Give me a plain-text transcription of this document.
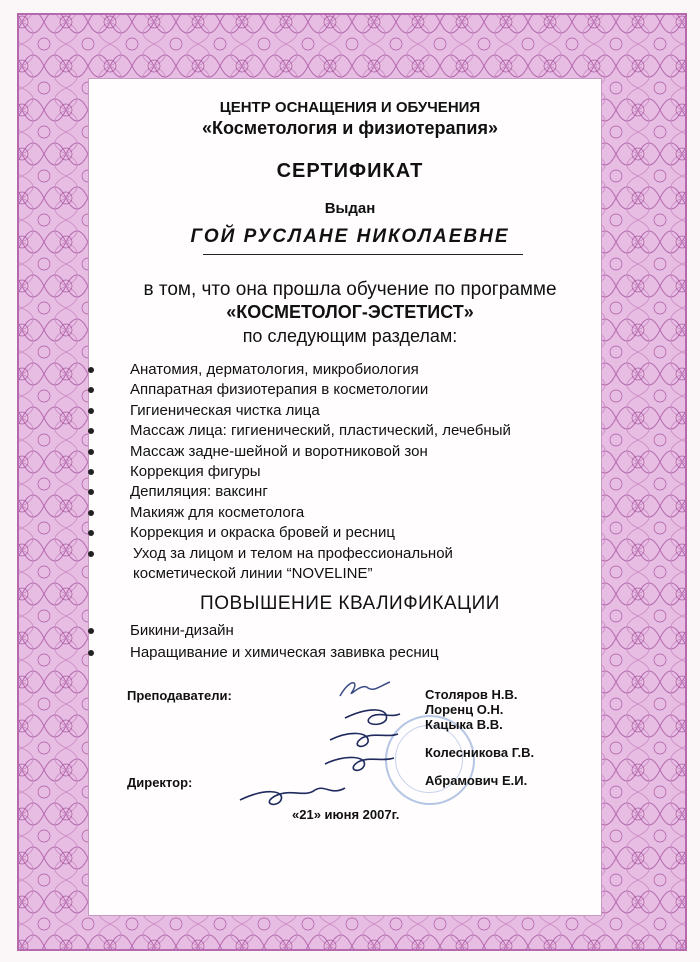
ЦЕНТР ОСНАЩЕНИЯ И ОБУЧЕНИЯ
«Косметология и физиотерапия»
СЕРТИФИКАТ
Выдан
ГОЙ РУСЛАНЕ НИКОЛАЕВНЕ
в том, что она прошла обучение по программе
«КОСМЕТОЛОГ-ЭСТЕТИСТ»
по следующим разделам:
Анатомия, дерматология, микробиология
Аппаратная физиотерапия в косметологии
Гигиеническая чистка лица
Массаж лица: гигиенический, пластический, лечебный
Массаж задне-шейной и воротниковой зон
Коррекция фигуры
Депиляция: ваксинг
Макияж для косметолога
Коррекция и окраска бровей и ресниц
Уход за лицом и телом на профессиональной
косметической линии “NOVELINE”
ПОВЫШЕНИЕ КВАЛИФИКАЦИИ
Бикини-дизайн
Наращивание и химическая завивка ресниц
Преподаватели:	Столяров Н.В.
Лоренц О.Н.
Кацыка В.В.
Колесникова Г.В.
Директор:	Абрамович Е.И.
«21» июня 2007г.
